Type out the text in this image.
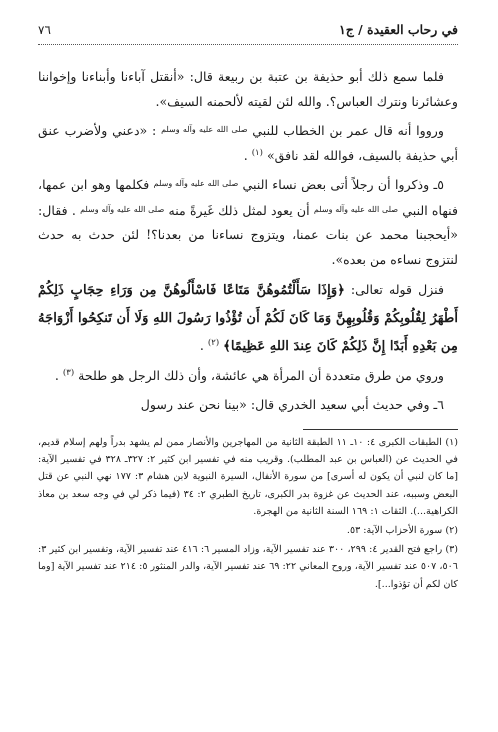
في رحاب العقيدة / ج١
٧٦

فلما سمع ذلك أبو حذيفة بن عتبة بن ربيعة قال: «أنقتل آباءنا وأبناءنا وإخواننا وعشائرنا ونترك العباس؟. والله لئن لقيته لألحمنه السيف».

ورووا أنه قال عمر بن الخطاب للنبي $^{صلى الله عليه وآله وسلم}$ : «دعني ولأضرب عنق أبي حذيفة بالسيف، فوالله لقد نافق» $^{(١)}$ .

٥ـ وذكروا أن رجلاً أتى بعض نساء النبي $^{صلى الله عليه وآله وسلم}$ فكلمها وهو ابن عمها، فنهاه النبي $^{صلى الله عليه وآله وسلم}$ أن يعود لمثل ذلك غَيرةً منه $^{صلى الله عليه وآله وسلم}$ . فقال: «أيحجبنا محمد عن بنات عمنا، ويتزوج نساءنا من بعدنا؟! لئن حدث به حدث لنتزوج نساءه من بعده».

فنزل قوله تعالى: ﴿وَإِذَا سَأَلْتُمُوهُنَّ مَتَاعًا فَاسْأَلُوهُنَّ مِن وَرَاءِ حِجَابٍ ذَلِكُمْ أَطْهَرُ لِقُلُوبِكُمْ وَقُلُوبِهِنَّ وَمَا كَانَ لَكُمْ أَن تُؤْذُوا رَسُولَ اللهِ وَلَا أَن تَنكِحُوا أَزْوَاجَهُ مِن بَعْدِهِ أَبَدًا إِنَّ ذَلِكُمْ كَانَ عِندَ اللهِ عَظِيمًا﴾ $^{(٢)}$ .

وروي من طرق متعددة أن المرأة هي عائشة، وأن ذلك الرجل هو طلحة $^{(٣)}$ .

٦ـ وفي حديث أبي سعيد الخدري قال: «بينا نحن عند رسول

(١) الطبقات الكبرى ٤: ١٠ـ ١١ الطبقة الثانية من المهاجرين والأنصار ممن لم يشهد بدراً ولهم إسلام قديم، في الحديث عن (العباس بن عبد المطلب). وقريب منه في تفسير ابن كثير ٢: ٣٢٧ـ ٣٢٨ في تفسير الآية: [ما كان لنبي أن يكون له أسرى] من سورة الأنفال، السيرة النبوية لابن هشام ٣: ١٧٧ نهي النبي عن قتل البعض وسببه، عند الحديث عن غزوة بدر الكبرى، تاريخ الطبري ٢: ٣٤ (فيما ذكر لي في وجه سعد بن معاذ الكراهية...). الثقات ١: ١٦٩ السنة الثانية من الهجرة.

(٢) سورة الأحزاب الآية: ٥٣.

(٣) راجع فتح القدير ٤: ٢٩٩، ٣٠٠ عند تفسير الآية، وزاد المسير ٦: ٤١٦ عند تفسير الآية، وتفسير ابن كثير ٣: ٥٠٦، ٥٠٧ عند تفسير الآية، وروح المعاني ٢٢: ٦٩ عند تفسير الآية، والدر المنثور ٥: ٢١٤ عند تفسير الآية [وما كان لكم أن تؤذوا...].
